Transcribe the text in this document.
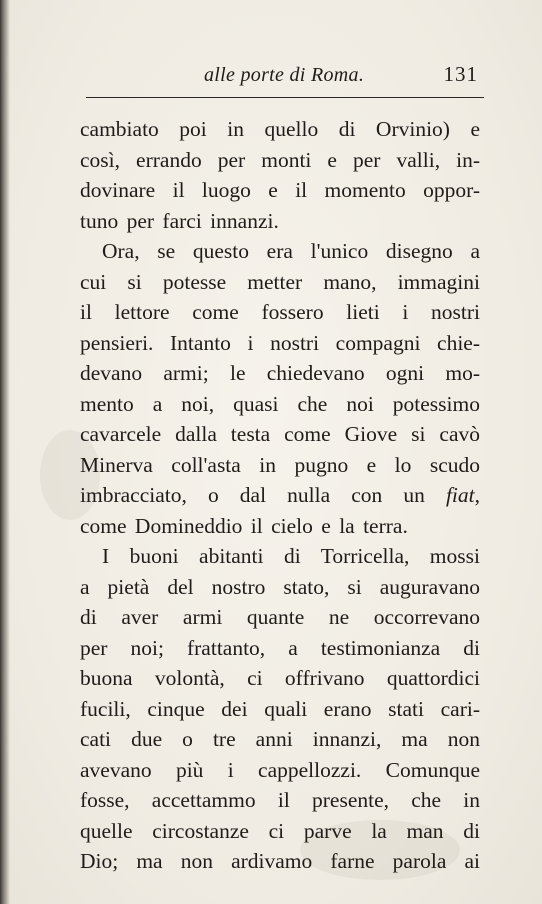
alle porte di Roma.	131
cambiato poi in quello di Orvinio) e
così, errando per monti e per valli, in-
dovinare il luogo e il momento oppor-
tuno per farci innanzi.
Ora, se questo era l'unico disegno a
cui si potesse metter mano, immagini
il lettore come fossero lieti i nostri
pensieri. Intanto i nostri compagni chie-
devano armi; le chiedevano ogni mo-
mento a noi, quasi che noi potessimo
cavarcele dalla testa come Giove si cavò
Minerva coll'asta in pugno e lo scudo
imbracciato, o dal nulla con un fiat,
come Domineddio il cielo e la terra.
I buoni abitanti di Torricella, mossi
a pietà del nostro stato, si auguravano
di aver armi quante ne occorrevano
per noi; frattanto, a testimonianza di
buona volontà, ci offrivano quattordici
fucili, cinque dei quali erano stati cari-
cati due o tre anni innanzi, ma non
avevano più i cappellozzi. Comunque
fosse, accettammo il presente, che in
quelle circostanze ci parve la man di
Dio; ma non ardivamo farne parola ai
